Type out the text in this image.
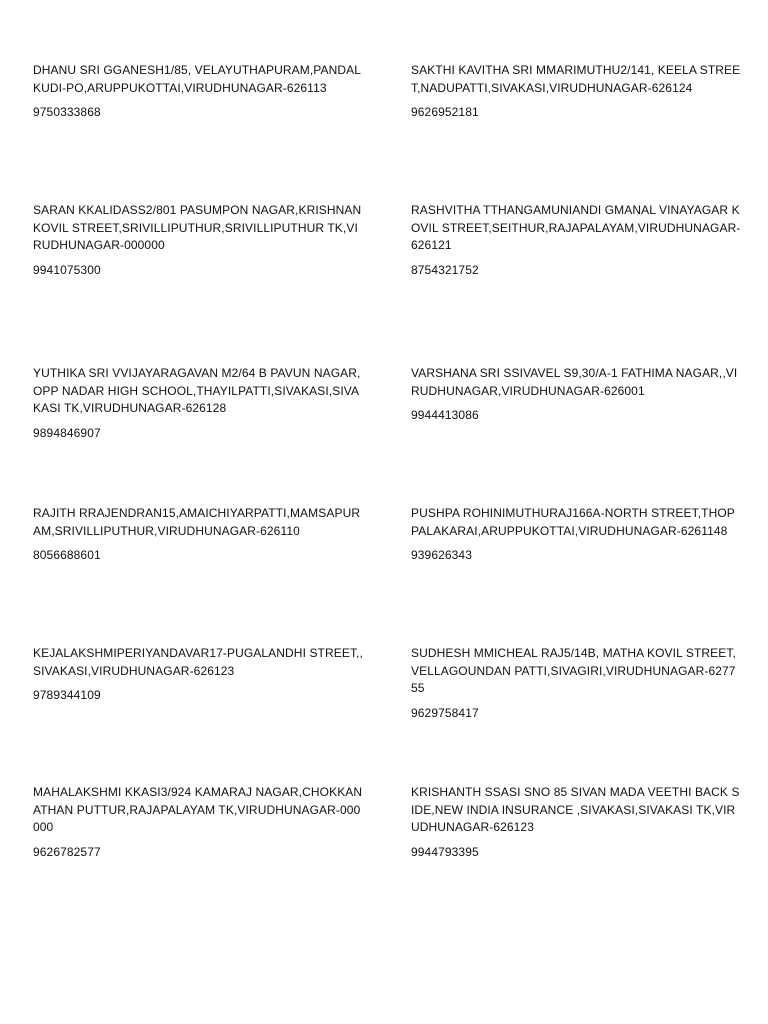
DHANU SRI GGANESH1/85, VELAYUTHAPURAM,PANDALKUDI-PO,ARUPPUKOTTAI,VIRUDHUNAGAR-626113

9750333868

SAKTHI KAVITHA SRI MMARIMUTHU2/141, KEELA STREET,NADUPATTI,SIVAKASI,VIRUDHUNAGAR-626124

9626952181

SARAN KKALIDASS2/801 PASUMPON NAGAR,KRISHNAN KOVIL STREET,SRIVILLIPUTHUR,SRIVILLIPUTHUR TK,VIRUDHUNAGAR-000000

9941075300

RASHVITHA TTHANGAMUNIANDI GMANAL VINAYAGAR KOVIL STREET,SEITHUR,RAJAPALAYAM,VIRUDHUNAGAR-626121

8754321752

YUTHIKA SRI VVIJAYARAGAVAN M2/64 B PAVUN NAGAR,OPP NADAR HIGH SCHOOL,THAYILPATTI,SIVAKASI,SIVAKASI TK,VIRUDHUNAGAR-626128

9894846907

VARSHANA SRI SSIVAVEL S9,30/A-1 FATHIMA NAGAR,,VIRUDHUNAGAR,VIRUDHUNAGAR-626001

9944413086

RAJITH RRAJENDRAN15,AMAICHIYARPATTI,MAMSAPURAM,SRIVILLIPUTHUR,VIRUDHUNAGAR-626110

8056688601

PUSHPA ROHINIMUTHURAJ166A-NORTH STREET,THOPPALAKARAI,ARUPPUKOTTAI,VIRUDHUNAGAR-6261148

939626343

KEJALAKSHMIPERIYANDAVAR17-PUGALANDHI STREET,,SIVAKASI,VIRUDHUNAGAR-626123

9789344109

SUDHESH MMICHEAL RAJ5/14B, MATHA KOVIL STREET,VELLAGOUNDAN PATTI,SIVAGIRI,VIRUDHUNAGAR-627755

9629758417

MAHALAKSHMI KKASI3/924 KAMARAJ NAGAR,CHOKKANATHAN PUTTUR,RAJAPALAYAM TK,VIRUDHUNAGAR-000000

9626782577

KRISHANTH SSASI SNO 85 SIVAN MADA VEETHI BACK SIDE,NEW INDIA INSURANCE ,SIVAKASI,SIVAKASI TK,VIRUDHUNAGAR-626123

9944793395
